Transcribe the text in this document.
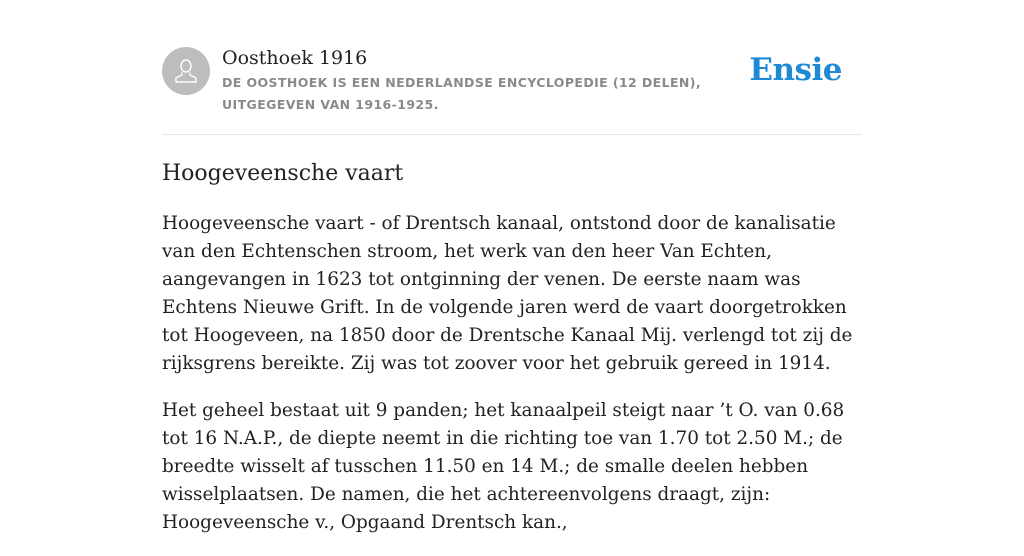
Oosthoek 1916
DE OOSTHOEK IS EEN NEDERLANDSE ENCYCLOPEDIE (12 DELEN), UITGEGEVEN VAN 1916-1925.
Ensie
Hoogeveensche vaart

Hoogeveensche vaart - of Drentsch kanaal, ontstond door de kanalisatie van den Echtenschen stroom, het werk van den heer Van Echten, aangevangen in 1623 tot ontginning der venen. De eerste naam was Echtens Nieuwe Grift. In de volgende jaren werd de vaart doorgetrokken tot Hoogeveen, na 1850 door de Drentsche Kanaal Mij. verlengd tot zij de rijksgrens bereikte. Zij was tot zoover voor het gebruik gereed in 1914.

Het geheel bestaat uit 9 panden; het kanaalpeil steigt naar ’t O. van 0.68 tot 16 N.A.P., de diepte neemt in die richting toe van 1.70 tot 2.50 M.; de breedte wisselt af tusschen 11.50 en 14 M.; de smalle deelen hebben wisselplaatsen. De namen, die het achtereenvolgens draagt, zijn: Hoogeveensche v., Opgaand Drentsch kan.,
